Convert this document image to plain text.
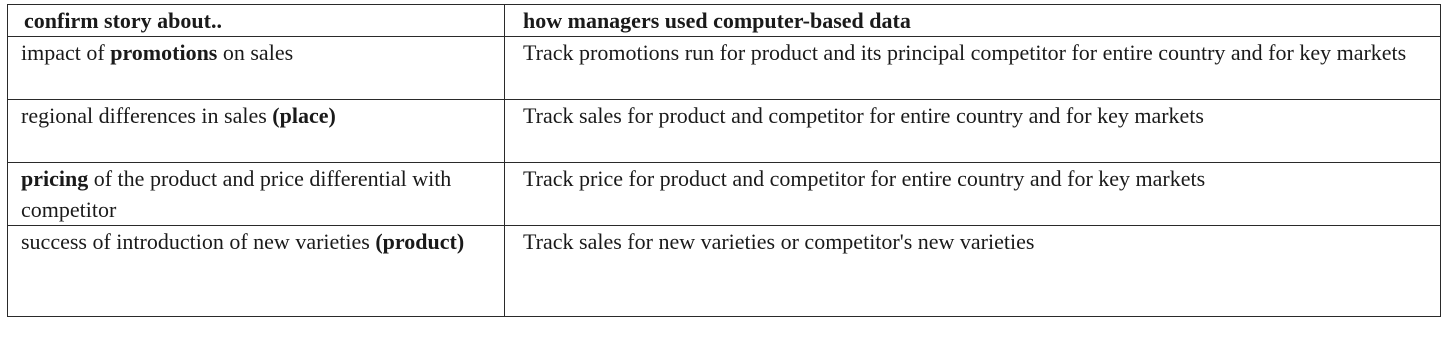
confirm story about..	how managers used computer-based data
impact of promotions on sales	Track promotions run for product and its principal competitor for entire country and for key markets
regional differences in sales (place)	Track sales for product and competitor for entire country and for key markets
pricing of the product and price differential with competitor	Track price for product and competitor for entire country and for key markets
success of introduction of new varieties (product)	Track sales for new varieties or competitor's new varieties
